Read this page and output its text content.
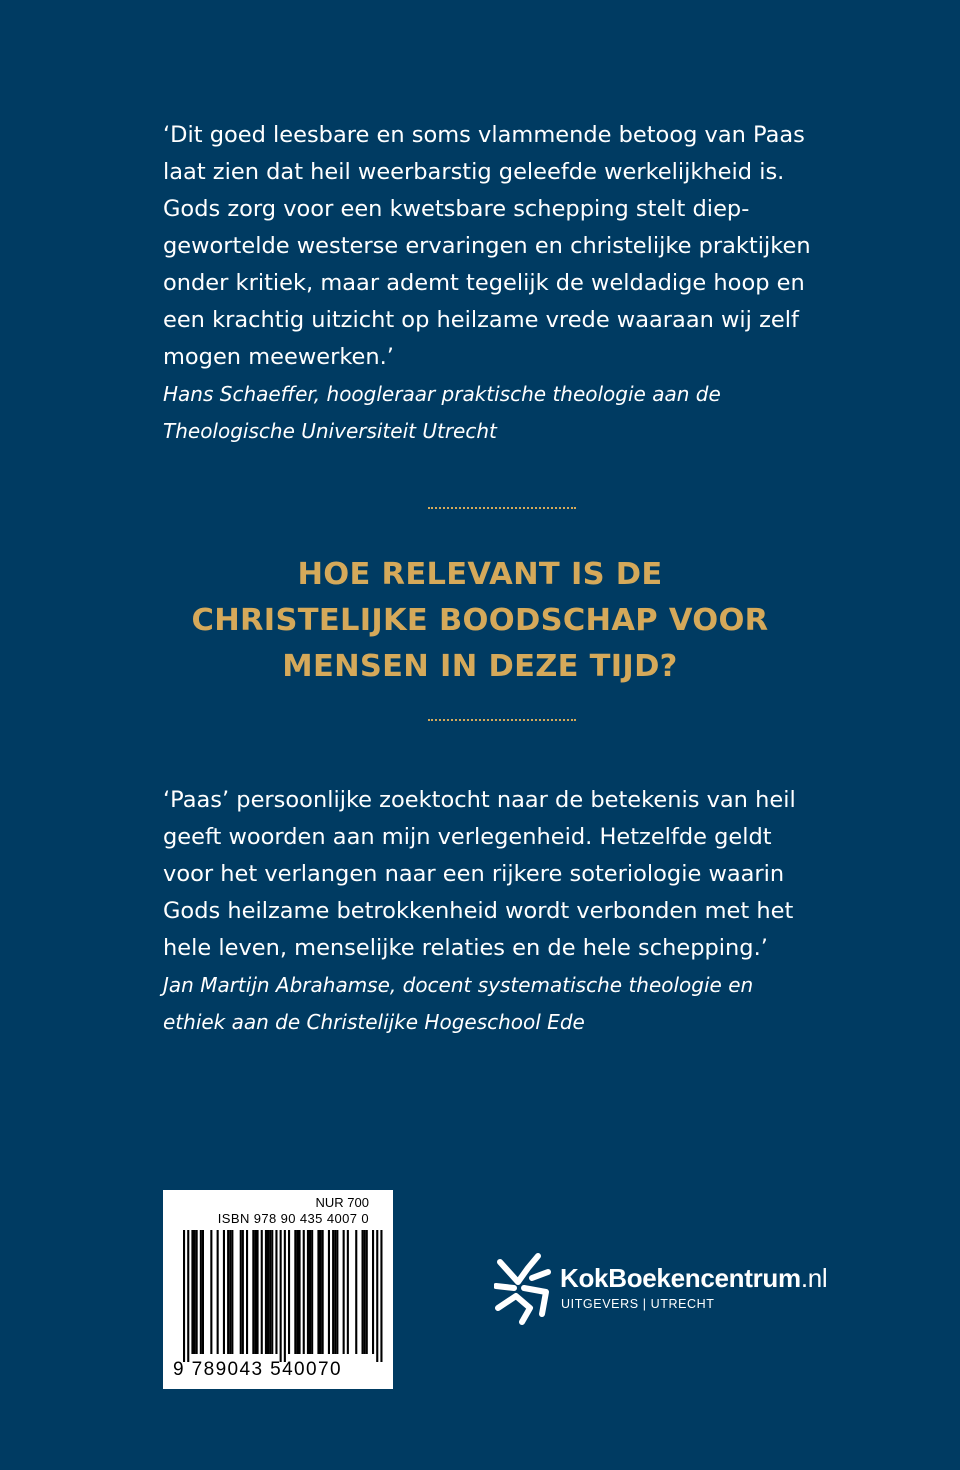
‘Dit goed leesbare en soms vlammende betoog van Paas
laat zien dat heil weerbarstig geleefde werkelijkheid is.
Gods zorg voor een kwetsbare schepping stelt diep-
gewortelde westerse ervaringen en christelijke praktijken
onder kritiek, maar ademt tegelijk de weldadige hoop en
een krachtig uitzicht op heilzame vrede waaraan wij zelf
mogen meewerken.’
Hans Schaeffer, hoogleraar praktische theologie aan de
Theologische Universiteit Utrecht
HOE RELEVANT IS DE
CHRISTELIJKE BOODSCHAP VOOR
MENSEN IN DEZE TIJD?
‘Paas’ persoonlijke zoektocht naar de betekenis van heil
geeft woorden aan mijn verlegenheid. Hetzelfde geldt
voor het verlangen naar een rijkere soteriologie waarin
Gods heilzame betrokkenheid wordt verbonden met het
hele leven, menselijke relaties en de hele schepping.’
Jan Martijn Abrahamse, docent systematische theologie en
ethiek aan de Christelijke Hogeschool Ede
NUR 700
ISBN 978 90 435 4007 0
9 789043 540070
KokBoekencentrum.nl
UITGEVERS | UTRECHT
